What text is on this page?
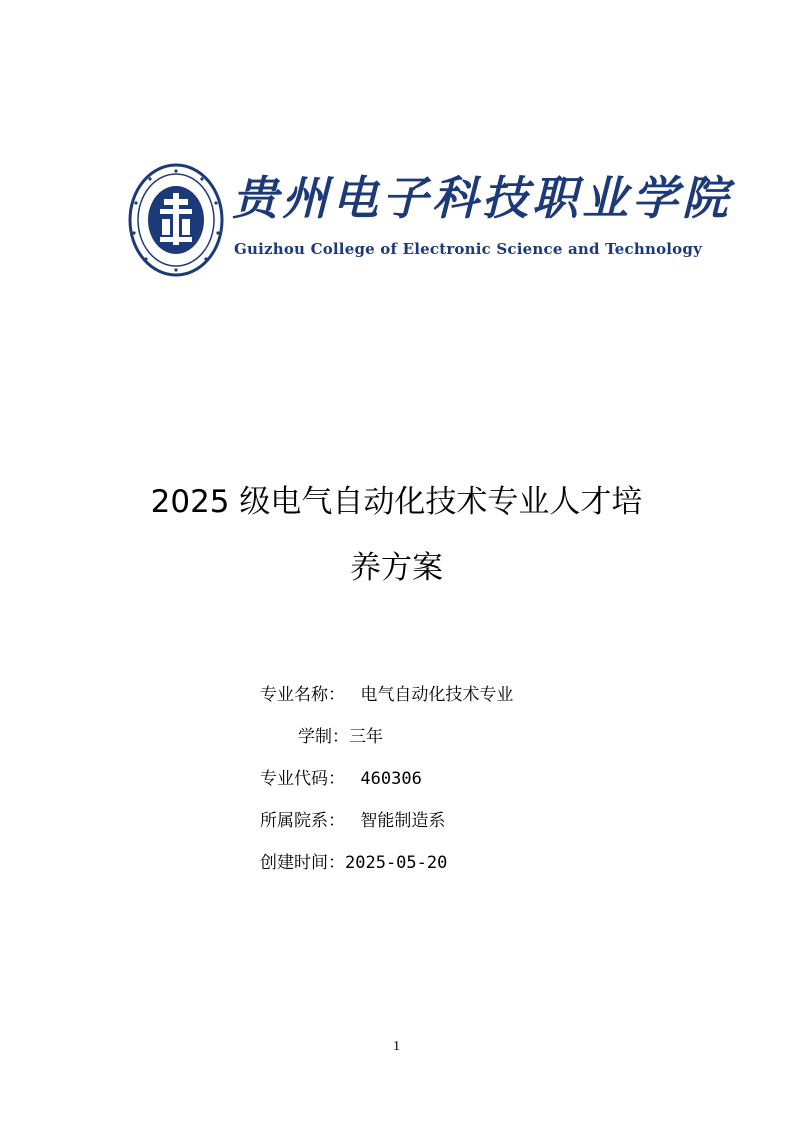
贵州电子科技职业学院
Guizhou College of Electronic Science and Technology
2025 级电气自动化技术专业人才培
养方案
专业名称： 电气自动化技术专业
学制：三年
专业代码： 460306
所属院系： 智能制造系
创建时间：2025-05-20
1
